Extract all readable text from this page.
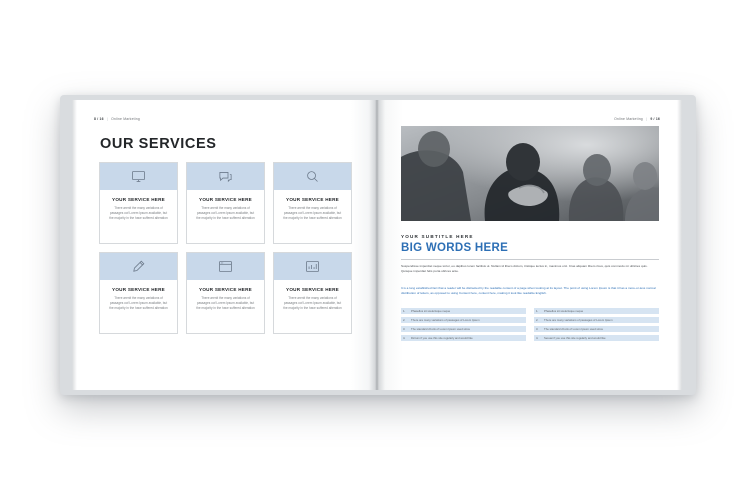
8 / 16 | Online Marketing
OUR SERVICES
YOUR SERVICE HERE
There arenit the many variations of passages oof Lorem Ipsum available, but the majority in the have suffered alteration
YOUR SERVICE HERE
There arenit the many variations of passages oof Lorem Ipsum available, but the majority in the have suffered alteration
YOUR SERVICE HERE
There arenit the many variations of passages oof Lorem Ipsum available, but the majority in the have suffered alteration
YOUR SERVICE HERE
There arenit the many variations of passages oof Lorem Ipsum available, but the majority in the have suffered alteration
YOUR SERVICE HERE
There arenit the many variations of passages oof Lorem Ipsum available, but the majority in the have suffered alteration
YOUR SERVICE HERE
There arenit the many variations of passages oof Lorem Ipsum available, but the majority in the have suffered alteration
Online Marketing | 9 / 16
YOUR SUBTITLE HERE
BIG WORDS HERE
Suspendisse imperdiet neque tortor, eu dapibus lorem facilisis ut. Nullam id libero dictum, tristique lectus in, maximus orci. Cras aliquam libero risus, quis commodo mi ultricies quis. Quisque imperdiet felis porta ultrices ante.
It is a long established fact that a reader will be distracted by the readable content of a page when looking at its layout. The point of using Lorem Ipsum is that it has a more-or-less normal distribution of letters, as opposed to using Content here, content here, making it look like readable English.
1.	Phasellus sit scelerisque neque
2.	There are many variations of passages of Lorem Ipsum
3.	The standard chunk of Lorem Ipsum used since
4.	Dictum if you use this site regularly and would like
1.	Phasellus sit scelerisque neque
2.	There are many variations of passages of Lorem Ipsum
3.	The standard chunk of Lorem Ipsum used since
4.	Sesuai if you use this site regularly and would like
